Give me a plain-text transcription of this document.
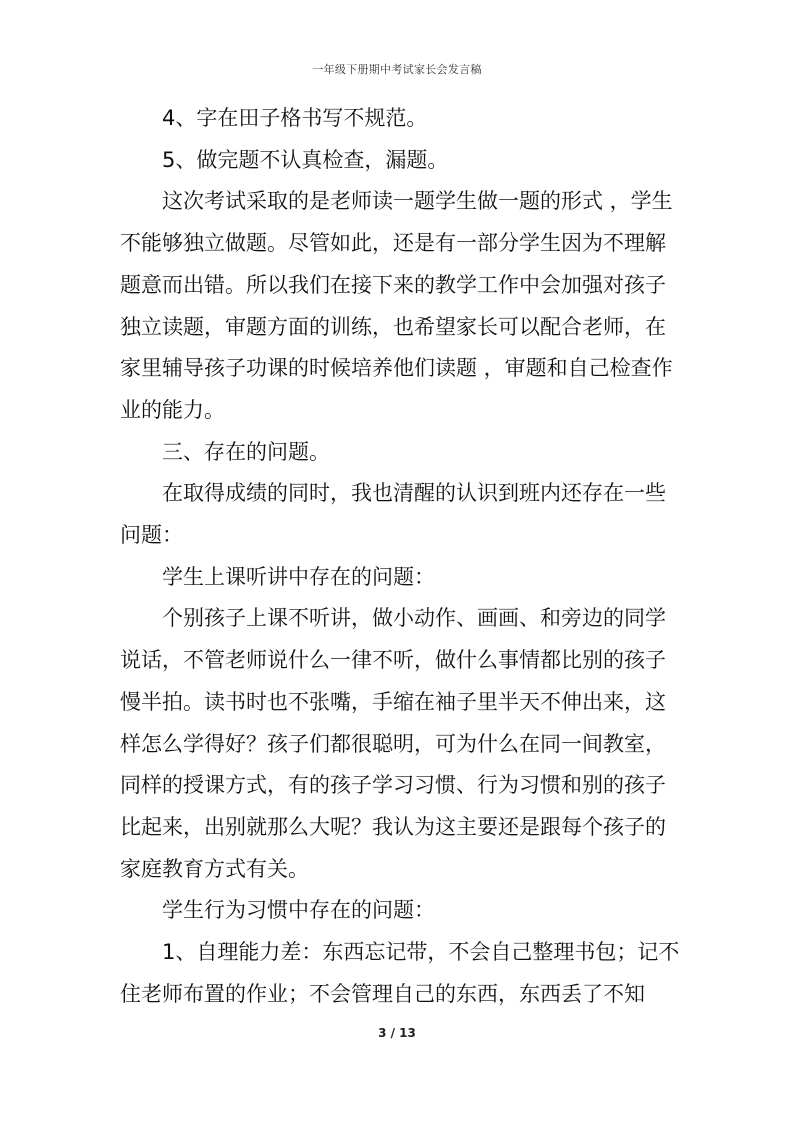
一年级下册期中考试家长会发言稿

4、字在田子格书写不规范。

5、做完题不认真检查，漏题。

这次考试采取的是老师读一题学生做一题的形式 ，学生不能够独立做题。尽管如此，还是有一部分学生因为不理解题意而出错。所以我们在接下来的教学工作中会加强对孩子独立读题，审题方面的训练，也希望家长可以配合老师，在家里辅导孩子功课的时候培养他们读题 ，审题和自己检查作业的能力。

三、存在的问题。

在取得成绩的同时，我也清醒的认识到班内还存在一些问题：

学生上课听讲中存在的问题：

个别孩子上课不听讲，做小动作、画画、和旁边的同学说话，不管老师说什么一律不听，做什么事情都比别的孩子慢半拍。读书时也不张嘴，手缩在袖子里半天不伸出来，这样怎么学得好？孩子们都很聪明，可为什么在同一间教室，同样的授课方式，有的孩子学习习惯、行为习惯和别的孩子比起来，出别就那么大呢？我认为这主要还是跟每个孩子的家庭教育方式有关。

学生行为习惯中存在的问题：

1、自理能力差：东西忘记带，不会自己整理书包；记不住老师布置的作业；不会管理自己的东西，东西丢了不知

3 / 13
